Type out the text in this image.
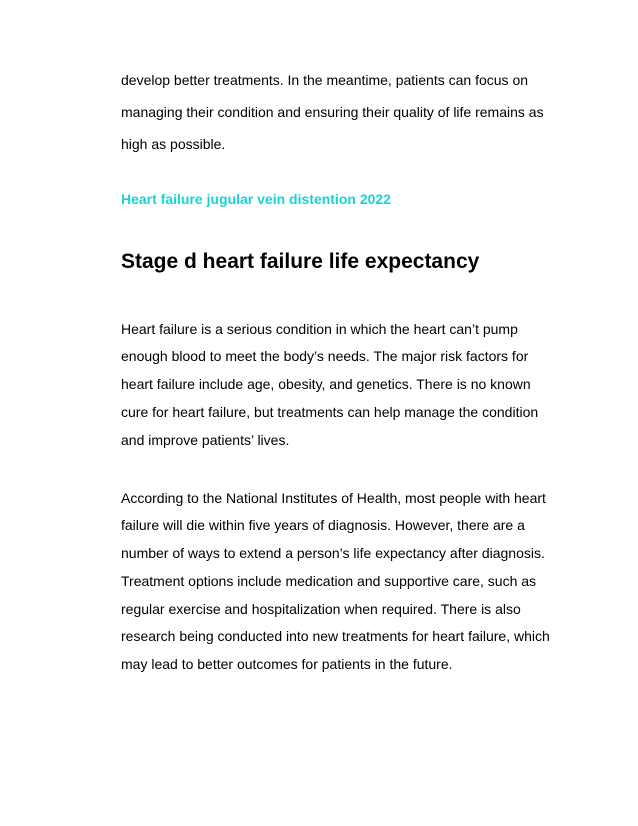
develop better treatments. In the meantime, patients can focus on
managing their condition and ensuring their quality of life remains as
high as possible.
Heart failure jugular vein distention 2022
Stage d heart failure life expectancy
Heart failure is a serious condition in which the heart can’t pump
enough blood to meet the body’s needs. The major risk factors for
heart failure include age, obesity, and genetics. There is no known
cure for heart failure, but treatments can help manage the condition
and improve patients’ lives.
According to the National Institutes of Health, most people with heart
failure will die within five years of diagnosis. However, there are a
number of ways to extend a person’s life expectancy after diagnosis.
Treatment options include medication and supportive care, such as
regular exercise and hospitalization when required. There is also
research being conducted into new treatments for heart failure, which
may lead to better outcomes for patients in the future.
